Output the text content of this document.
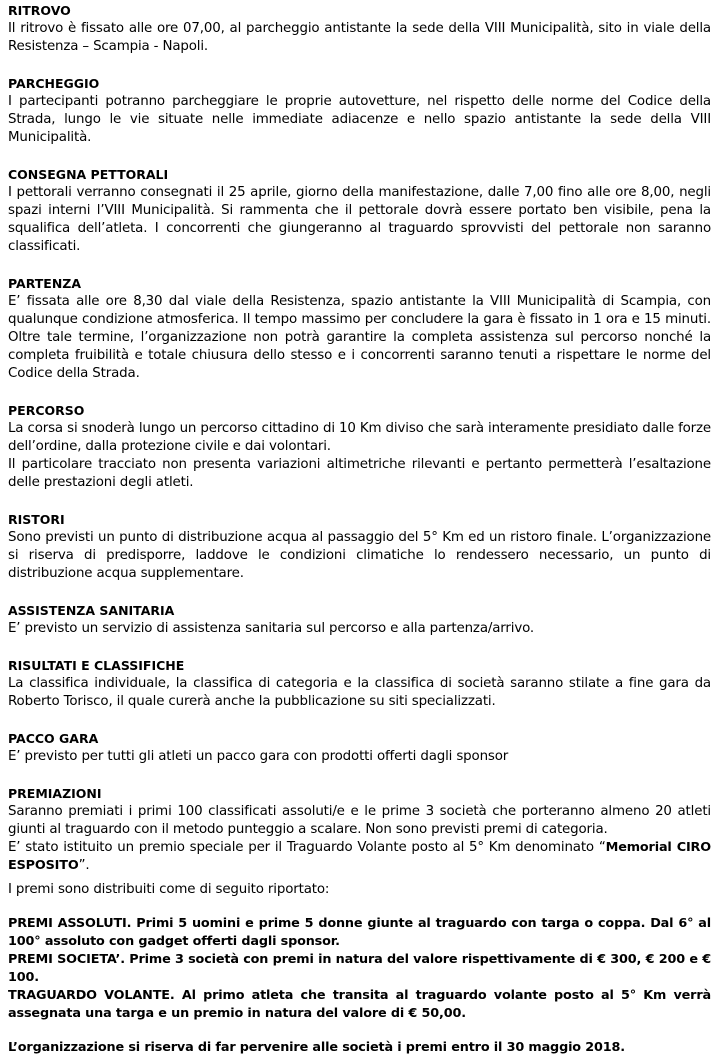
RITROVO
Il ritrovo è fissato alle ore 07,00, al parcheggio antistante la sede della VIII Municipalità, sito in viale della Resistenza – Scampia - Napoli.
PARCHEGGIO
I partecipanti potranno parcheggiare le proprie autovetture, nel rispetto delle norme del Codice della Strada, lungo le vie situate nelle immediate adiacenze e nello spazio antistante la sede della VIII Municipalità.
CONSEGNA PETTORALI
I pettorali verranno consegnati il 25 aprile, giorno della manifestazione, dalle 7,00 fino alle ore 8,00, negli spazi interni l’VIII Municipalità. Si rammenta che il pettorale dovrà essere portato ben visibile, pena la squalifica dell’atleta. I concorrenti che giungeranno al traguardo sprovvisti del pettorale non saranno classificati.
PARTENZA
E’ fissata alle ore 8,30 dal viale della Resistenza, spazio antistante la VIII Municipalità di Scampia, con qualunque condizione atmosferica. Il tempo massimo per concludere la gara è fissato in 1 ora e 15 minuti. Oltre tale termine, l’organizzazione non potrà garantire la completa assistenza sul percorso nonché la completa fruibilità e totale chiusura dello stesso e i concorrenti saranno tenuti a rispettare le norme del Codice della Strada.
PERCORSO
La corsa si snoderà lungo un percorso cittadino di 10 Km diviso che sarà interamente presidiato dalle forze dell’ordine, dalla protezione civile e dai volontari.
Il particolare tracciato non presenta variazioni altimetriche rilevanti e pertanto permetterà l’esaltazione delle prestazioni degli atleti.
RISTORI
Sono previsti un punto di distribuzione acqua al passaggio del 5° Km ed un ristoro finale. L’organizzazione si riserva di predisporre, laddove le condizioni climatiche lo rendessero necessario, un punto di distribuzione acqua supplementare.
ASSISTENZA SANITARIA
E’ previsto un servizio di assistenza sanitaria sul percorso e alla partenza/arrivo.
RISULTATI E CLASSIFICHE
La classifica individuale, la classifica di categoria e la classifica di società saranno stilate a fine gara da Roberto Torisco, il quale curerà anche la pubblicazione su siti specializzati.
PACCO GARA
E’ previsto per tutti gli atleti un pacco gara con prodotti offerti dagli sponsor
PREMIAZIONI
Saranno premiati i primi 100 classificati assoluti/e e le prime 3 società che porteranno almeno 20 atleti giunti al traguardo con il metodo punteggio a scalare. Non sono previsti premi di categoria.
E’ stato istituito un premio speciale per il Traguardo Volante posto al 5° Km denominato “Memorial CIRO ESPOSITO”.
I premi sono distribuiti come di seguito riportato:
PREMI ASSOLUTI. Primi 5 uomini e prime 5 donne giunte al traguardo con targa o coppa. Dal 6° al 100° assoluto con gadget offerti dagli sponsor.
PREMI SOCIETA’. Prime 3 società con premi in natura del valore rispettivamente di € 300, € 200 e € 100.
TRAGUARDO VOLANTE. Al primo atleta che transita al traguardo volante posto al 5° Km verrà assegnata una targa e un premio in natura del valore di € 50,00.
L’organizzazione si riserva di far pervenire alle società i premi entro il 30 maggio 2018.
